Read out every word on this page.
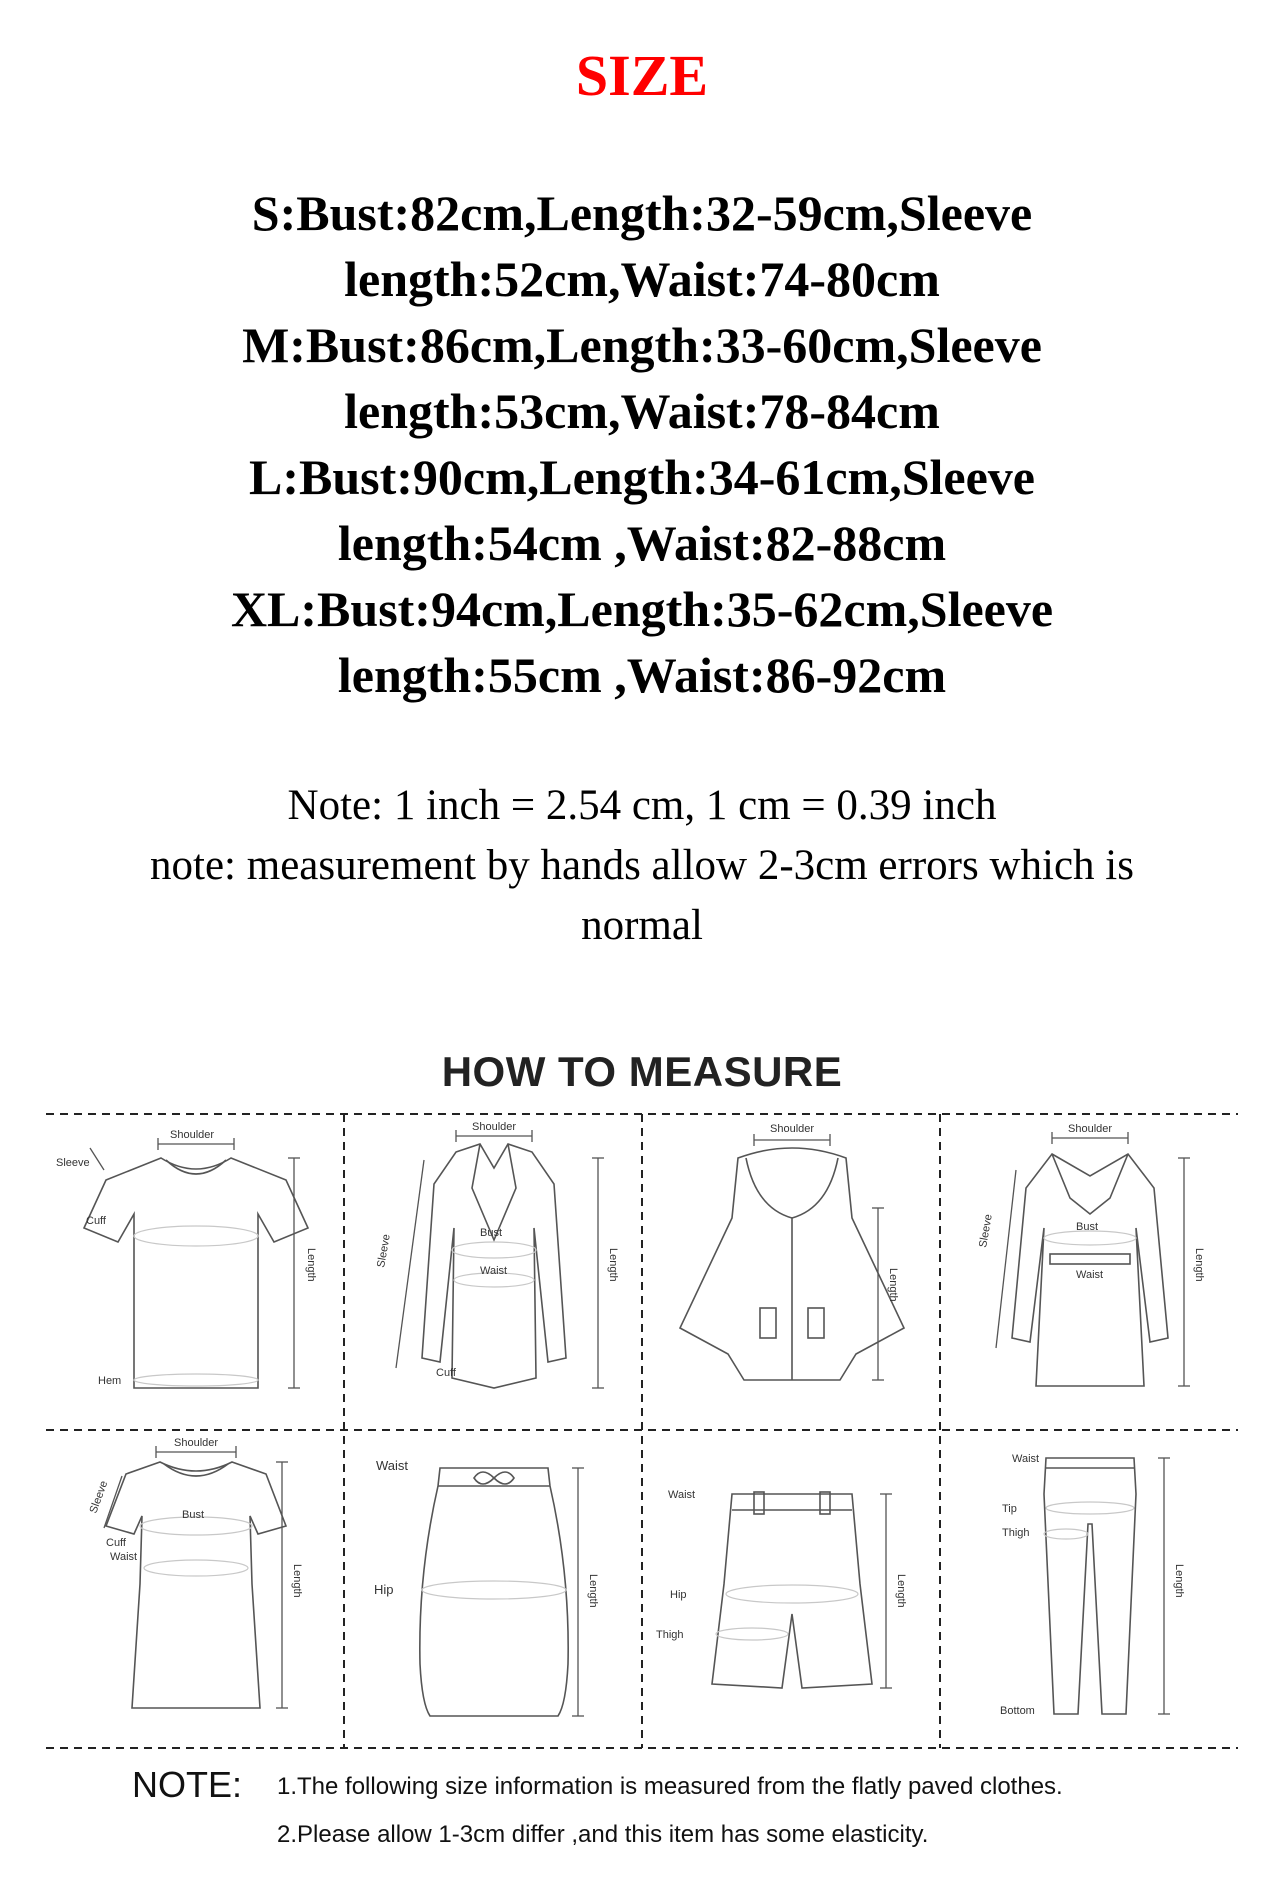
SIZE
S:Bust:82cm,Length:32-59cm,Sleeve
length:52cm,Waist:74-80cm
M:Bust:86cm,Length:33-60cm,Sleeve
length:53cm,Waist:78-84cm
L:Bust:90cm,Length:34-61cm,Sleeve
length:54cm ,Waist:82-88cm
XL:Bust:94cm,Length:35-62cm,Sleeve
length:55cm ,Waist:86-92cm
Note: 1 inch = 2.54 cm, 1 cm = 0.39 inch
note: measurement by hands allow 2-3cm errors which is
normal
HOW TO MEASURE
Shoulder
Sleeve
Cuff
Hem
Length
Shoulder
Bust
Waist
Cuff
Sleeve	Length
Shoulder
Length
Shoulder
Bust
Waist
Sleeve
Length
Shoulder
Bust
Cuff
Waist
Sleeve
Length
Waist
Hip	Length
Waist
Hip
Thigh
Length
Waist
Tip
Thigh
Bottom
Length
NOTE: 1.The following size information is measured from the flatly paved clothes.
2.Please allow 1-3cm differ ,and this item has some elasticity.
